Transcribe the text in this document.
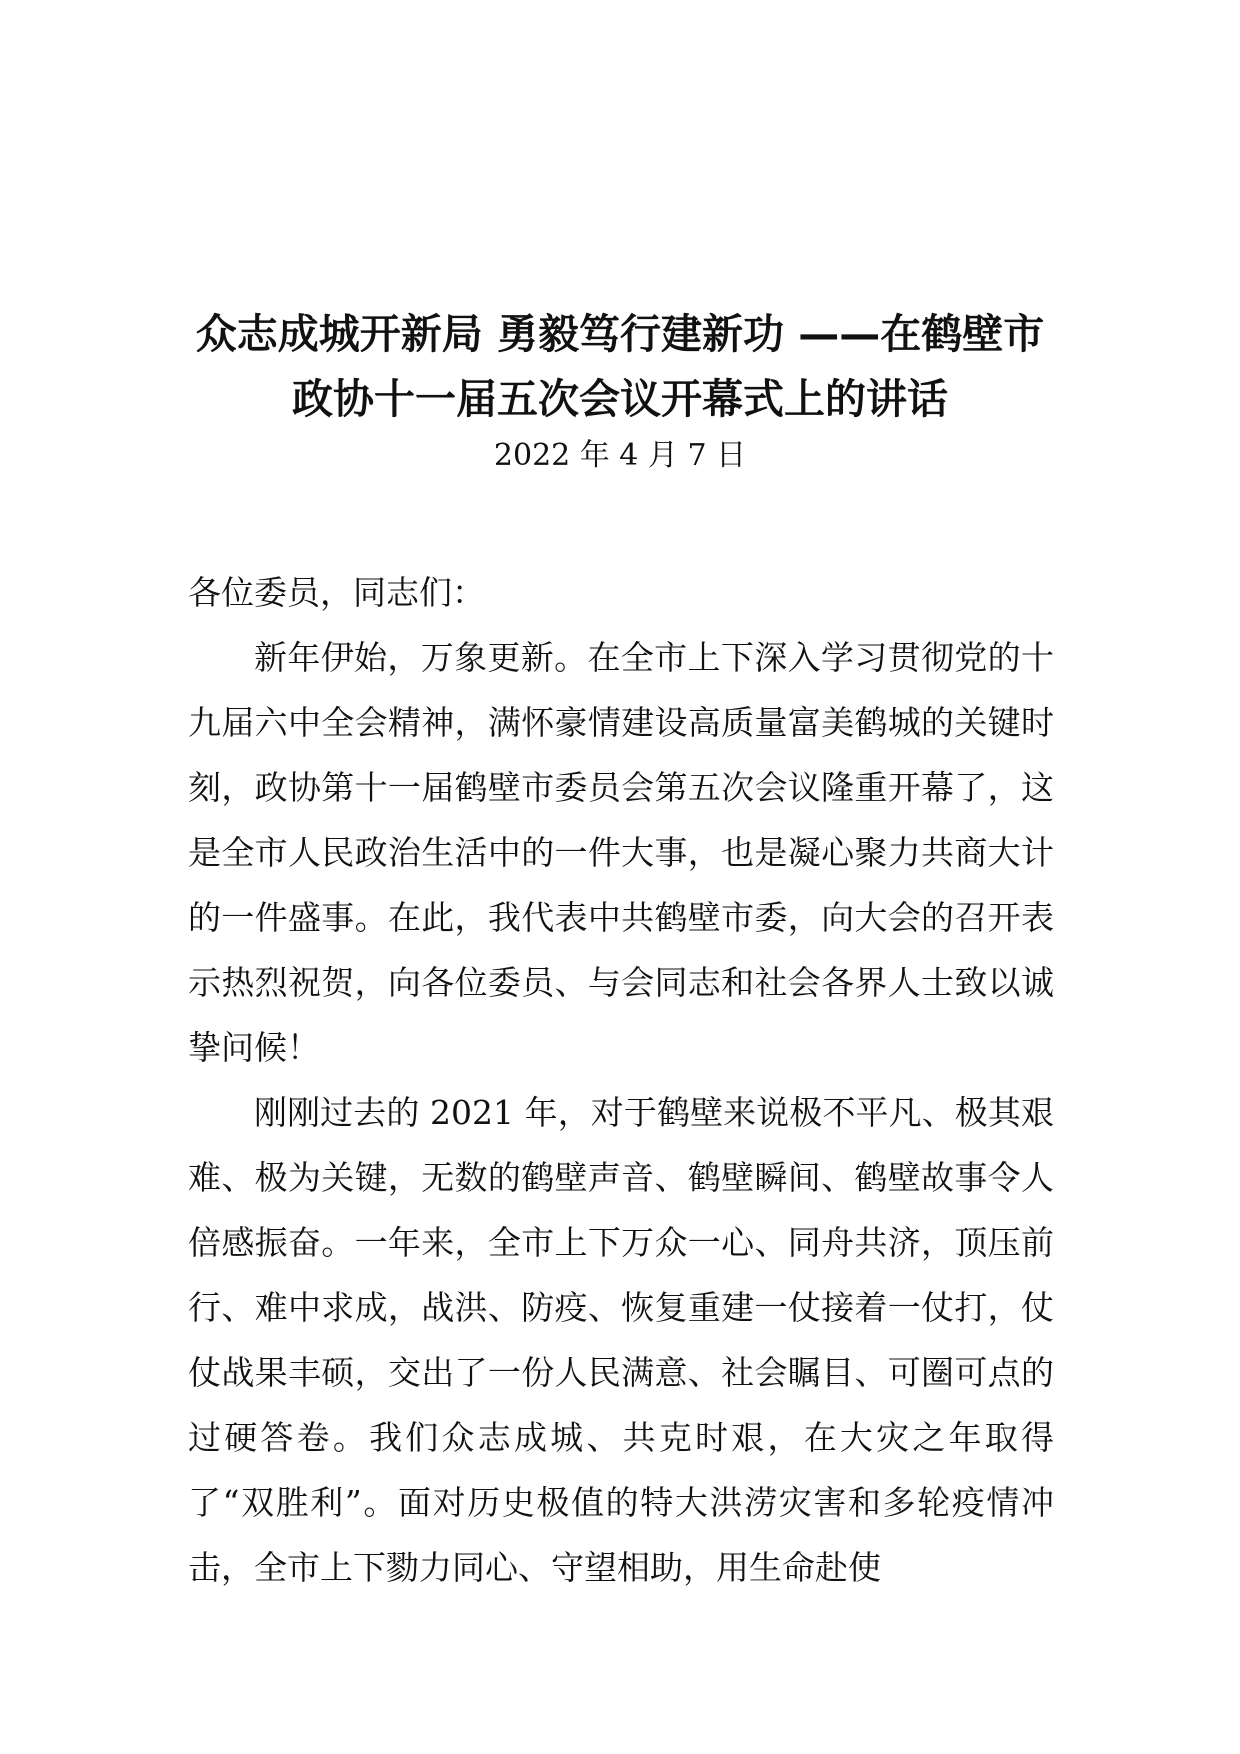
众志成城开新局 勇毅笃行建新功 ——在鹤壁市政协十一届五次会议开幕式上的讲话
2022 年 4 月 7 日

各位委员，同志们：

新年伊始，万象更新。在全市上下深入学习贯彻党的十九届六中全会精神，满怀豪情建设高质量富美鹤城的关键时刻，政协第十一届鹤壁市委员会第五次会议隆重开幕了，这是全市人民政治生活中的一件大事，也是凝心聚力共商大计的一件盛事。在此，我代表中共鹤壁市委，向大会的召开表示热烈祝贺，向各位委员、与会同志和社会各界人士致以诚挚问候！

刚刚过去的 2021 年，对于鹤壁来说极不平凡、极其艰难、极为关键，无数的鹤壁声音、鹤壁瞬间、鹤壁故事令人倍感振奋。一年来，全市上下万众一心、同舟共济，顶压前行、难中求成，战洪、防疫、恢复重建一仗接着一仗打，仗仗战果丰硕，交出了一份人民满意、社会瞩目、可圈可点的过硬答卷。我们众志成城、共克时艰，在大灾之年取得了“双胜利”。面对历史极值的特大洪涝灾害和多轮疫情冲击，全市上下勠力同心、守望相助，用生命赴使
